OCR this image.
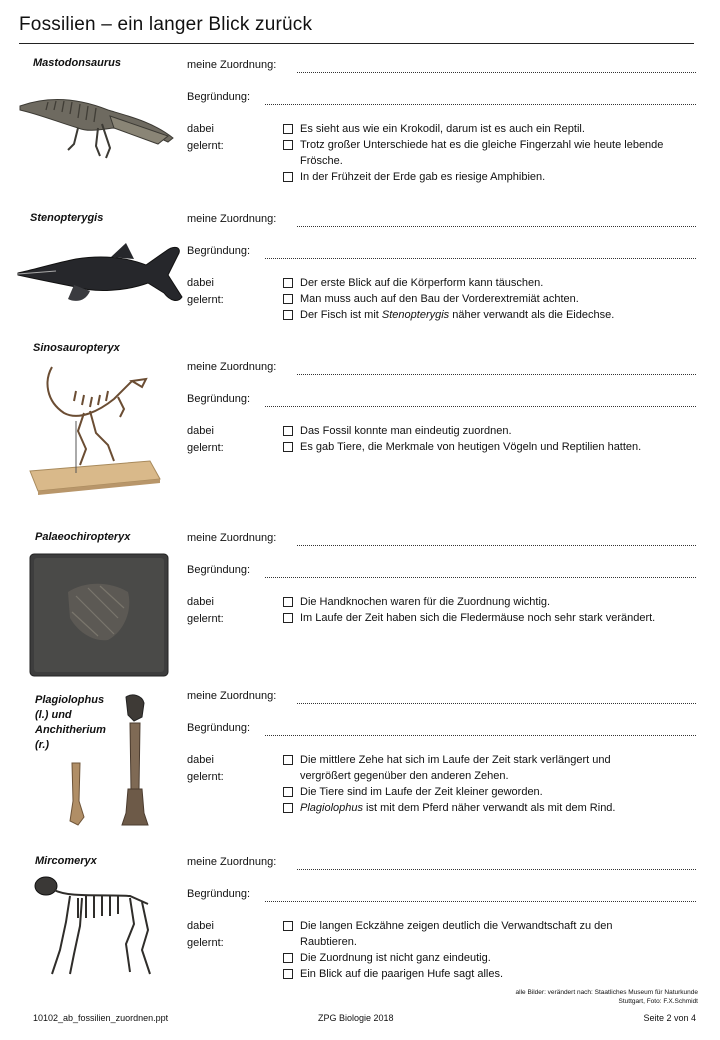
Fossilien – ein langer Blick zurück
Mastodonsaurus	meine Zuordnung:
Begründung:
dabei
gelernt:
Es sieht aus wie ein Krokodil, darum ist es auch ein Reptil.
Trotz großer Unterschiede hat es die gleiche Fingerzahl wie heute lebende Frösche.
In der Frühzeit der Erde gab es riesige Amphibien.
Stenopterygis	meine Zuordnung:
Begründung:
dabei
gelernt:
Der erste Blick auf die Körperform kann täuschen.
Man muss auch auf den Bau der Vorderextremiät achten.
Der Fisch ist mit Stenopterygis näher verwandt als die Eidechse.
Sinosauropteryx
meine Zuordnung:
Begründung:
dabei
gelernt:
Das Fossil konnte man eindeutig zuordnen.
Es gab Tiere, die Merkmale von heutigen Vögeln und Reptilien hatten.
Palaeochiropteryx	meine Zuordnung:
Begründung:
dabei
gelernt:
Die Handknochen waren für die Zuordnung wichtig.
Im Laufe der Zeit haben sich die Fledermäuse noch sehr stark verändert.
Plagiolophus (l.) und Anchitherium (r.)
meine Zuordnung:
Begründung:
dabei
gelernt:
Die mittlere Zehe hat sich im Laufe der Zeit stark verlängert und vergrößert gegenüber den anderen Zehen.
Die Tiere sind im Laufe der Zeit kleiner geworden.
Plagiolophus ist mit dem Pferd näher verwandt als mit dem Rind.
Mircomeryx	meine Zuordnung:
Begründung:
dabei
gelernt:
Die langen Eckzähne zeigen deutlich die Verwandtschaft zu den Raubtieren.
Die Zuordnung ist nicht ganz eindeutig.
Ein Blick auf die paarigen Hufe sagt alles.
alle Bilder: verändert nach: Staatliches Museum für Naturkunde Stuttgart, Foto: F.X.Schmidt
10102_ab_fossilien_zuordnen.ppt	ZPG Biologie 2018	Seite 2 von 4
